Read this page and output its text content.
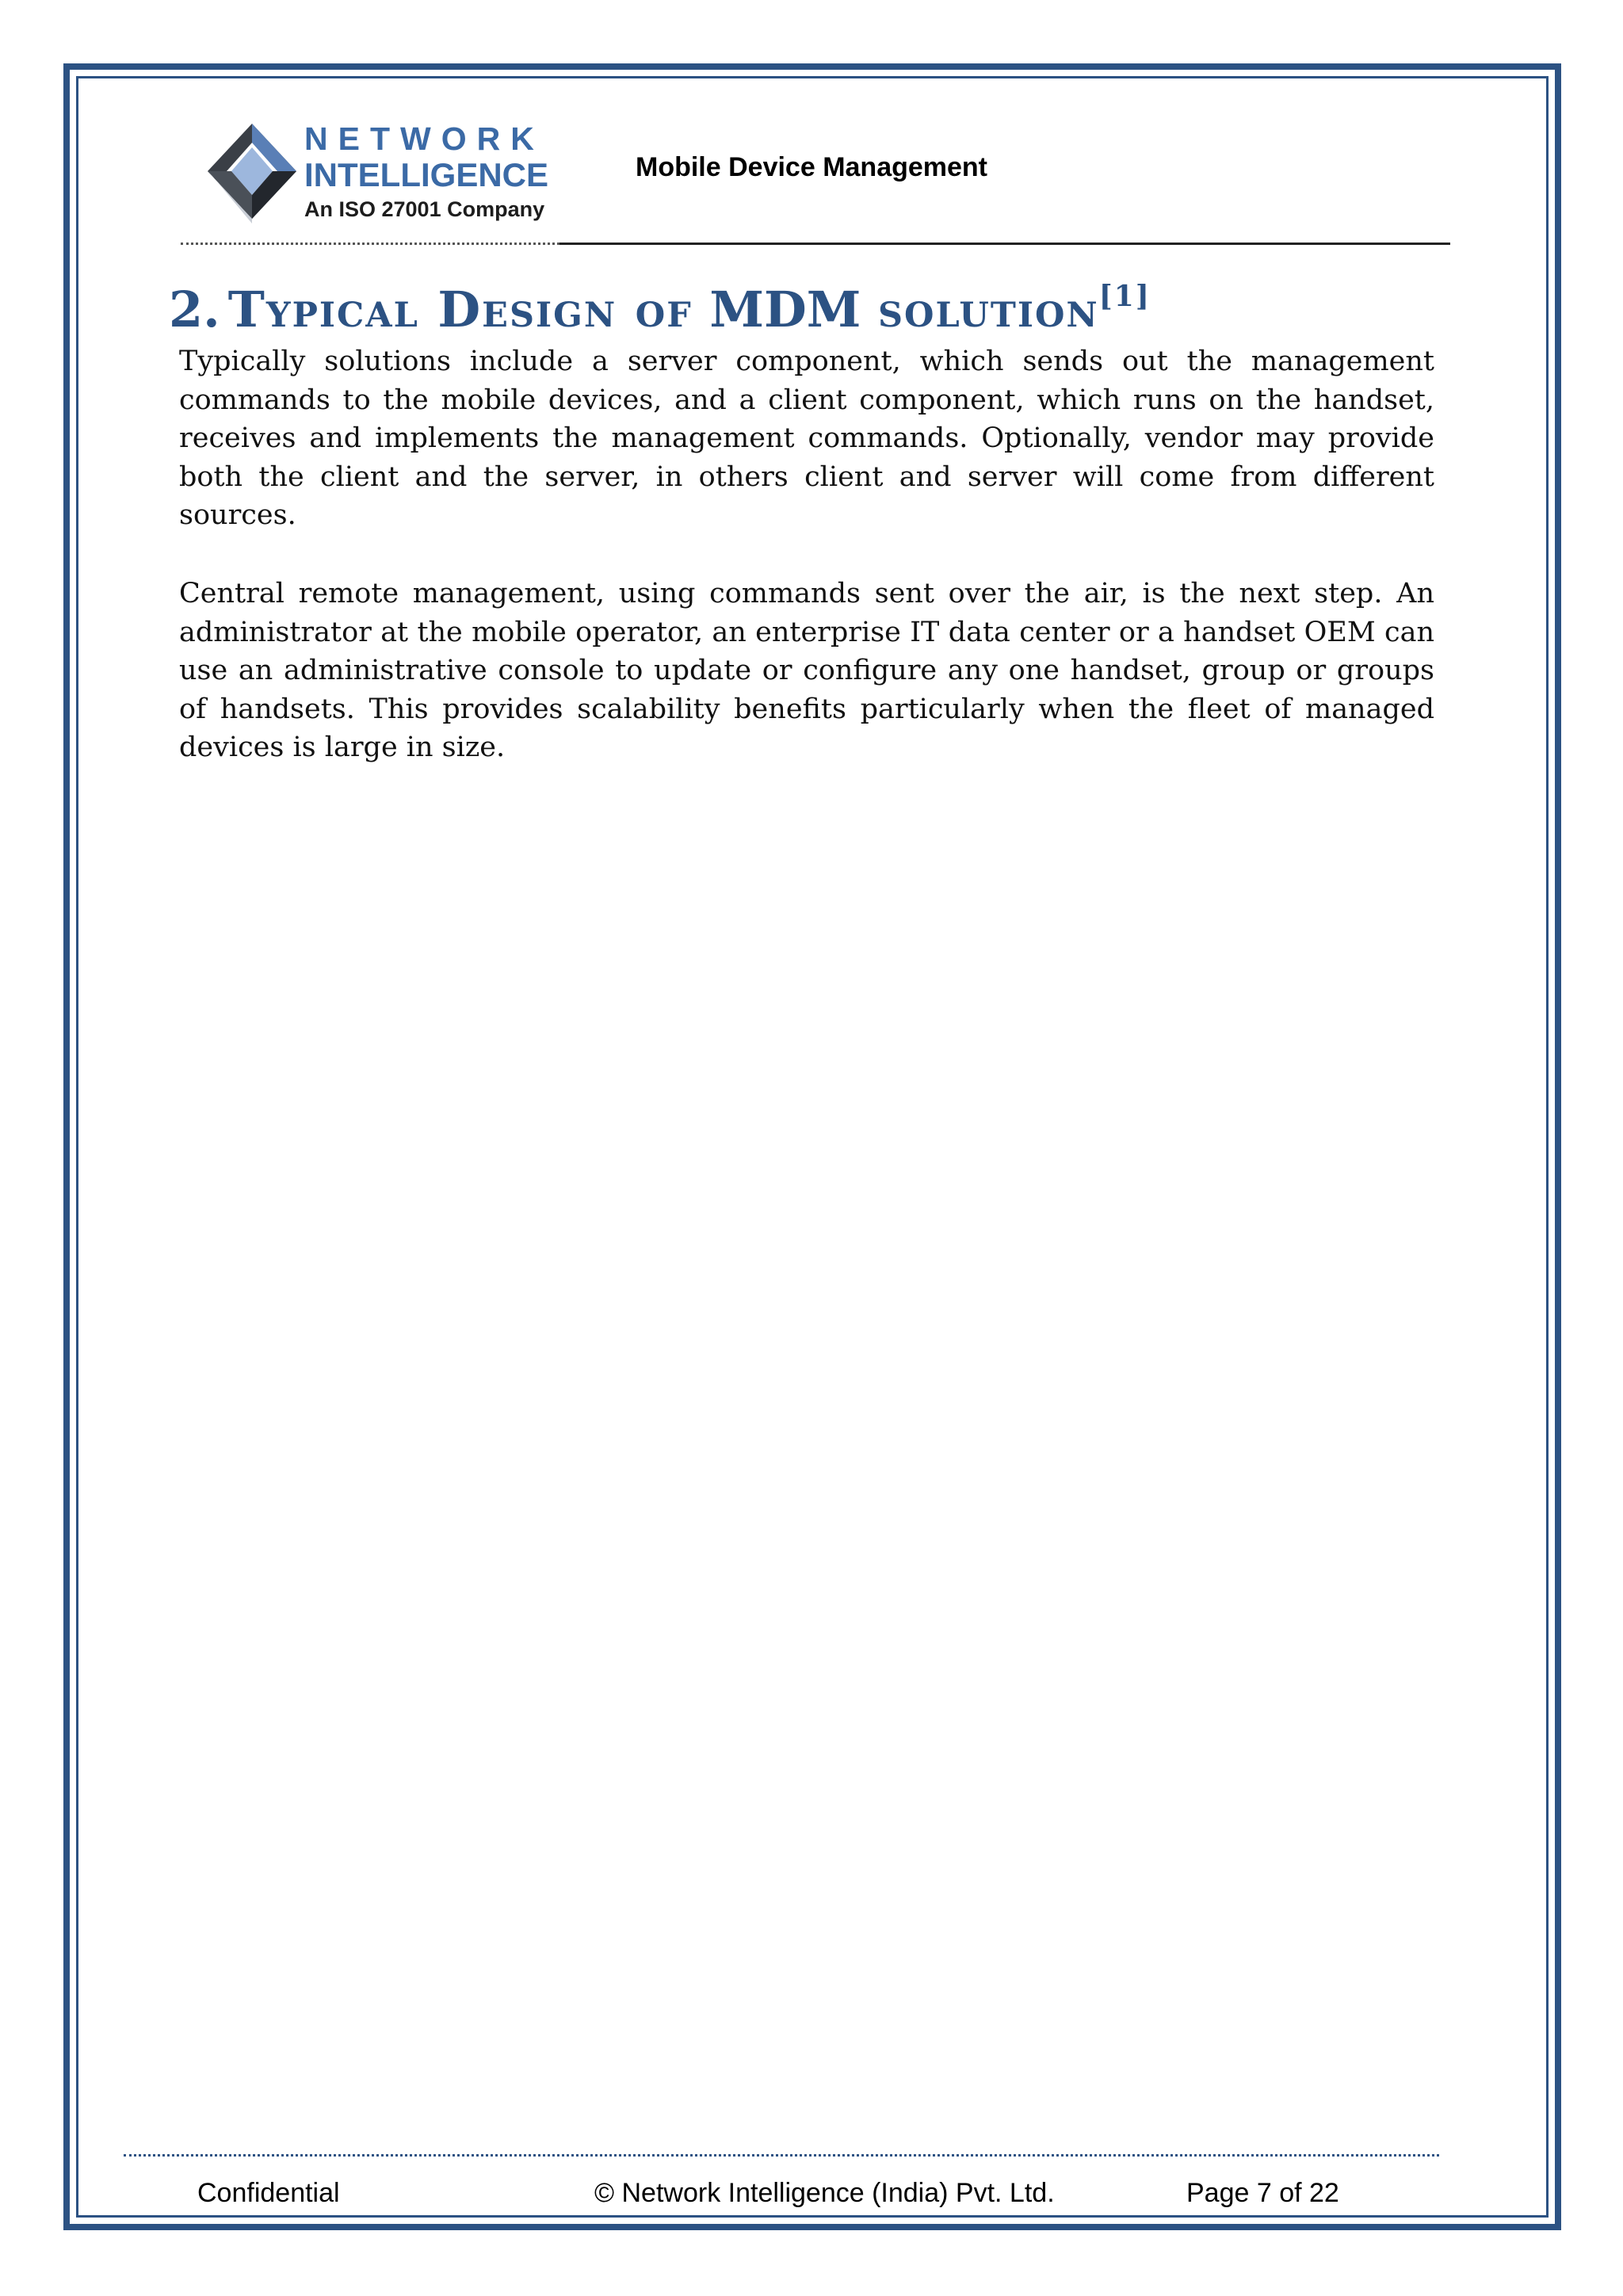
NETWORK
INTELLIGENCE
An ISO 27001 Company
Mobile Device Management
2. Typical Design of MDM solution[1]

Typically solutions include a server component, which sends out the management commands to the mobile devices, and a client component, which runs on the handset, receives and implements the management commands. Optionally, vendor may provide both the client and the server, in others client and server will come from different sources.

Central remote management, using commands sent over the air, is the next step. An administrator at the mobile operator, an enterprise IT data center or a handset OEM can use an administrative console to update or configure any one handset, group or groups of handsets. This provides scalability benefits particularly when the fleet of managed devices is large in size.

Confidential	© Network Intelligence (India) Pvt. Ltd.	Page 7 of 22
